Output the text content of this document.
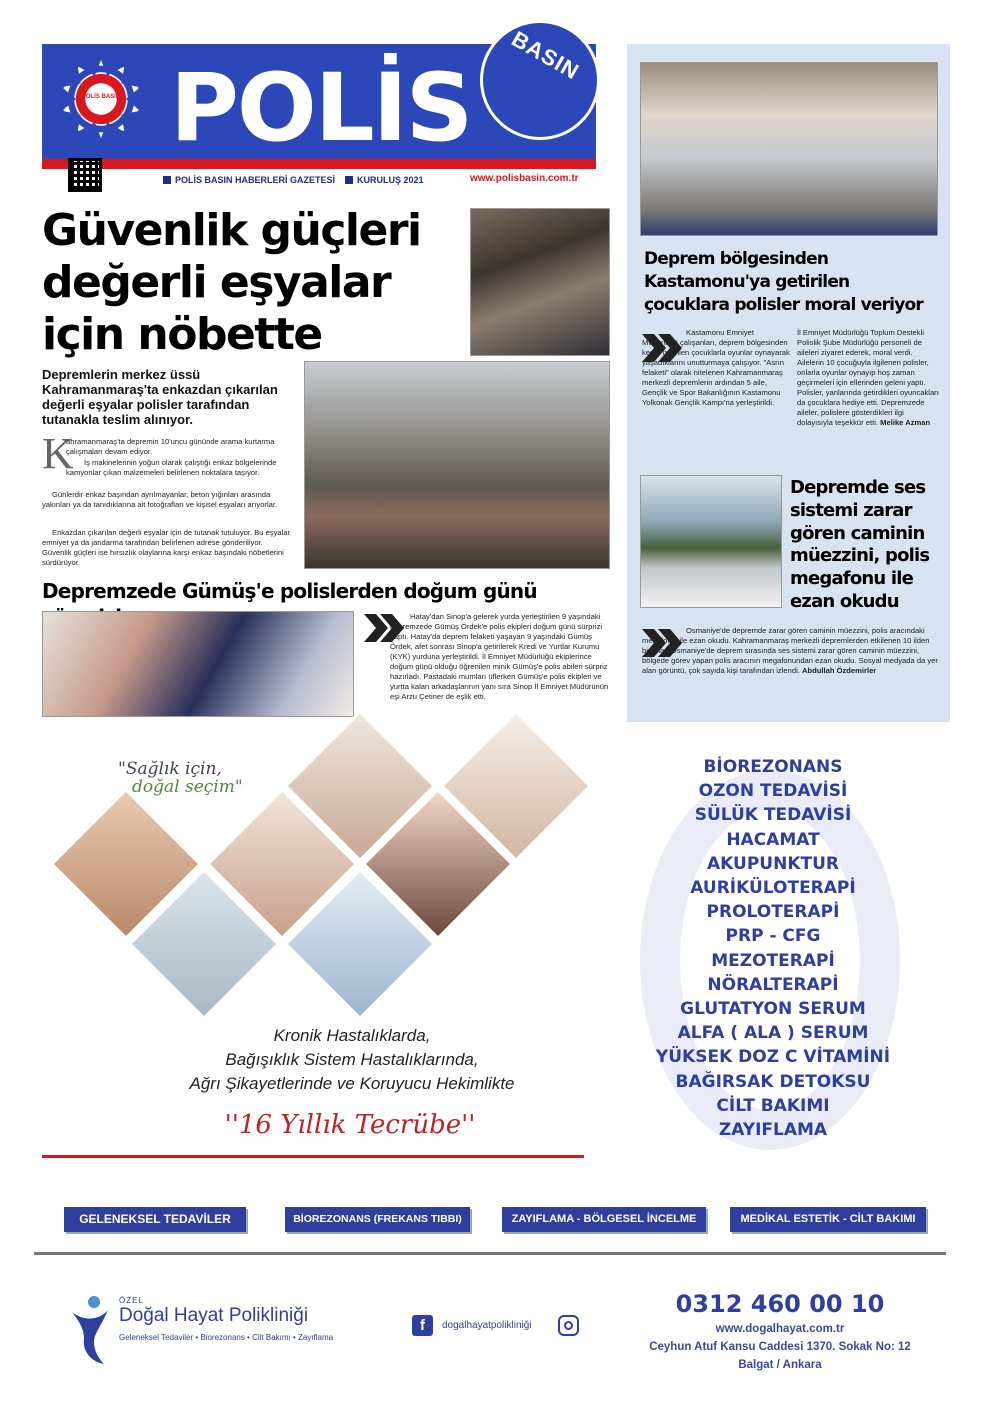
POLİS BASIN
POLİS BASIN
POLİS BASIN HABERLERİ GAZETESİ	KURULUŞ 2021	www.polisbasin.com.tr
Güvenlik güçleri
değerli eşyalar
için nöbette
Depremlerin merkez üssü Kahramanmaraş'ta enkazdan çıkarılan değerli eşyalar polisler tarafından tutanakla teslim alınıyor.
K
ahramanmaraş'ta depremin 10'uncu gününde arama kurtarma çalışmaları devam ediyor.
İş makinelerinin yoğun olarak çalıştığı enkaz bölgelerinde kamyonlar çıkan malzemeleri belirlenen noktalara taşıyor.
Günlerdir enkaz başından ayrılmayanlar, beton yığınları arasında yakınları ya da tanıdıklarına ait fotoğrafları ve kişisel eşyaları arıyorlar.
Enkazdan çıkarılan değerli eşyalar için de tutanak tutuluyor. Bu eşyalar emniyet ya da jandarma tarafından belirlenen adrese gönderiliyor. Güvenlik güçleri ise hırsızlık olaylarına karşı enkaz başındaki nöbetlerini sürdürüyor.
Depremzede Gümüş'e polislerden doğum günü
Hatay'dan Sinop'a gelerek yurda yerleştirilen 9 yaşındaki depremzede Gümüş Ördek'e polis ekipleri doğum günü sürprizi yaptı. Hatay'da deprem felaketi yaşayan 9 yaşındaki Gümüş Ördek, afet sonrası Sinop'a getirilerek Kredi ve Yurtlar Kurumu (KYK) yurduna yerleştirildi. İl Emniyet Müdürlüğü ekiplerince doğum günü olduğu öğrenilen minik Gümüş'e polis abileri sürpriz hazırladı. Pastadaki mumları üflerken Gümüş'e polis ekipleri ve yurtta kalan arkadaşlarının yanı sıra Sinop İl Emniyet Müdürünün eşi Arzu Çetiner de eşlik etti.
Deprem bölgesinden
Kastamonu'ya getirilen
çocuklara polisler moral veriyor
Kastamonu Emniyet Müdürlüğü çalışanları, deprem bölgesinden kente getirilen çocuklarla oyunlar oynayarak yaşadıklarını unutturmaya çalışıyor. "Asrın felaketi" olarak nitelenen Kahramanmaraş merkezli depremlerin ardından 5 aile, Gençlik ve Spor Bakanlığının Kastamonu Yolkonak Gençlik Kampı'na yerleştirildi.
İl Emniyet Müdürlüğü Toplum Destekli Polislik Şube Müdürlüğü personeli de aileleri ziyaret ederek, moral verdi. Ailelerin 10 çocuğuyla ilgilenen polisler, onlarla oyunlar oynayıp hoş zaman geçirmeleri için ellerinden geleni yaptı. Polisler, yanlarında getirdikleri oyuncakları da çocuklara hediye etti. Depremzede aileler, polislere gösterdikleri ilgi dolayısıyla teşekkür etti. Melike Azman
Depremde ses
sistemi zarar
gören caminin
müezzini, polis
megafonu ile
ezan okudu
Osmaniye'de depremde zarar gören caminin müezzini, polis aracındaki megafonla ile ezan okudu. Kahramanmaraş merkezli depremlerden etkilenen 10 ilden biri olan Osmaniye'de deprem sırasında ses sistemi zarar gören caminin müezzini, bölgede görev yapan polis aracının megafonundan ezan okudu. Sosyal medyada da yer alan görüntü, çok sayıda kişi tarafından izlendi. Abdullah Özdemirler
"Sağlık için,
doğal seçim"
Kronik Hastalıklarda,
Bağışıklık Sistem Hastalıklarında,
Ağrı Şikayetlerinde ve Koruyucu Hekimlikte
''16 Yıllık Tecrübe''
BİOREZONANS
OZON TEDAVİSİ
SÜLÜK TEDAVİSİ
HACAMAT
AKUPUNKTUR
AURİKÜLOTERAPİ
PROLOTERAPİ
PRP - CFG
MEZOTERAPİ
NÖRALTERAPİ
GLUTATYON SERUM
ALFA ( ALA ) SERUM
YÜKSEK DOZ C VİTAMİNİ
BAĞIRSAK DETOKSU
CİLT BAKIMI
ZAYIFLAMA
GELENEKSEL TEDAVİLER	BİOREZONANS (FREKANS TIBBI)	ZAYIFLAMA - BÖLGESEL İNCELME	MEDİKAL ESTETİK - CİLT BAKIMI
ÖZEL
Doğal Hayat Polikliniği
Geleneksel Tedaviler • Biorezonans • Cilt Bakımı • Zayıflama
f	dogalhayatpolikliniği
0312 460 00 10
www.dogalhayat.com.tr
Ceyhun Atuf Kansu Caddesi 1370. Sokak No: 12
Balgat / Ankara
